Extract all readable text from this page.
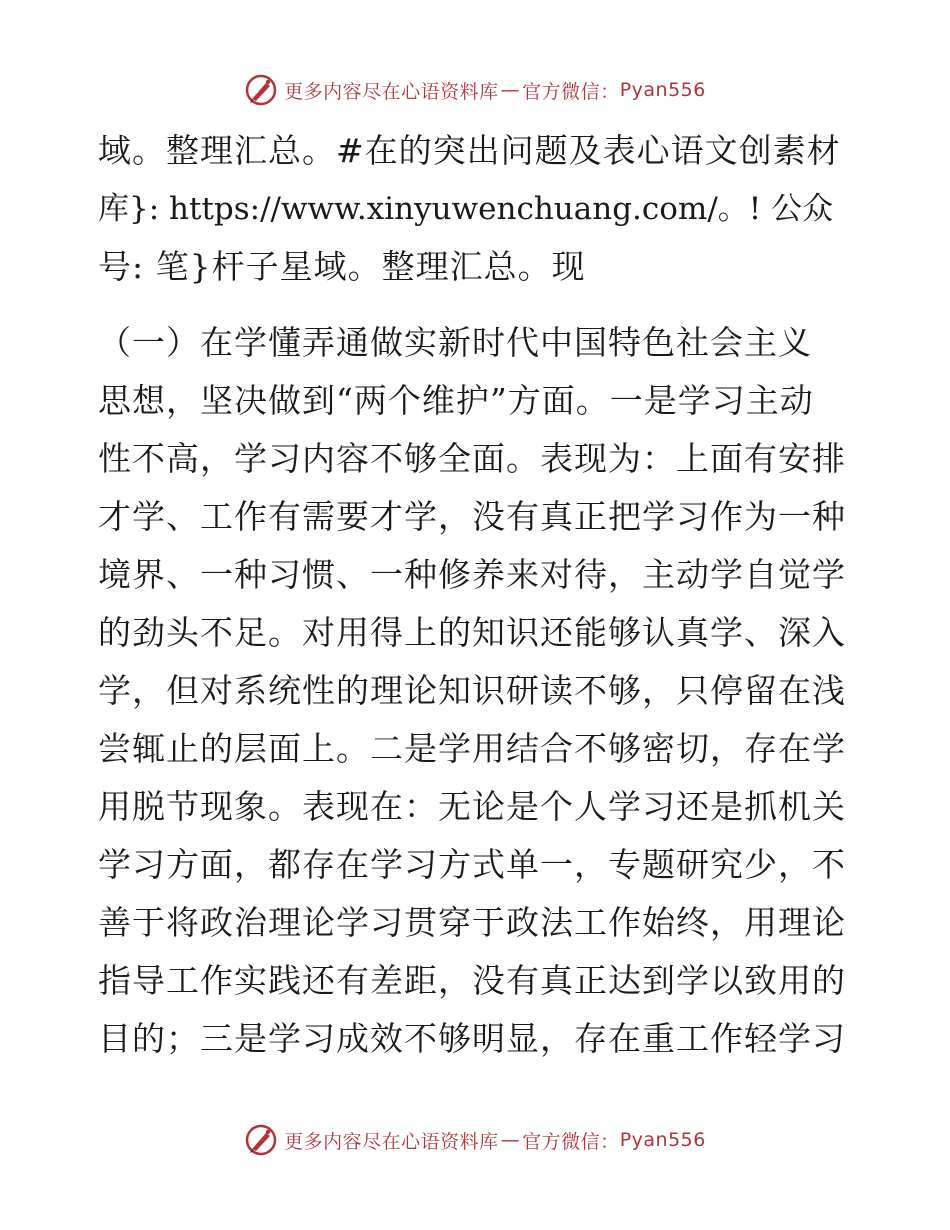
更多内容尽在心语资料库 — 官方微信： Pyan556
域。整理汇总。#在的突出问题及表心语文创素材
库}: https://www.xinyuwenchuang.com/。! 公众
号: 笔}杆子星域。整理汇总。现
（一）在学懂弄通做实新时代中国特色社会主义
思想，坚决做到“两个维护”方面。一是学习主动
性不高，学习内容不够全面。表现为：上面有安排
才学、工作有需要才学，没有真正把学习作为一种
境界、一种习惯、一种修养来对待，主动学自觉学
的劲头不足。对用得上的知识还能够认真学、深入
学，但对系统性的理论知识研读不够，只停留在浅
尝辄止的层面上。二是学用结合不够密切，存在学
用脱节现象。表现在：无论是个人学习还是抓机关
学习方面，都存在学习方式单一，专题研究少，不
善于将政治理论学习贯穿于政法工作始终，用理论
指导工作实践还有差距，没有真正达到学以致用的
目的；三是学习成效不够明显，存在重工作轻学习
更多内容尽在心语资料库 — 官方微信： Pyan556
